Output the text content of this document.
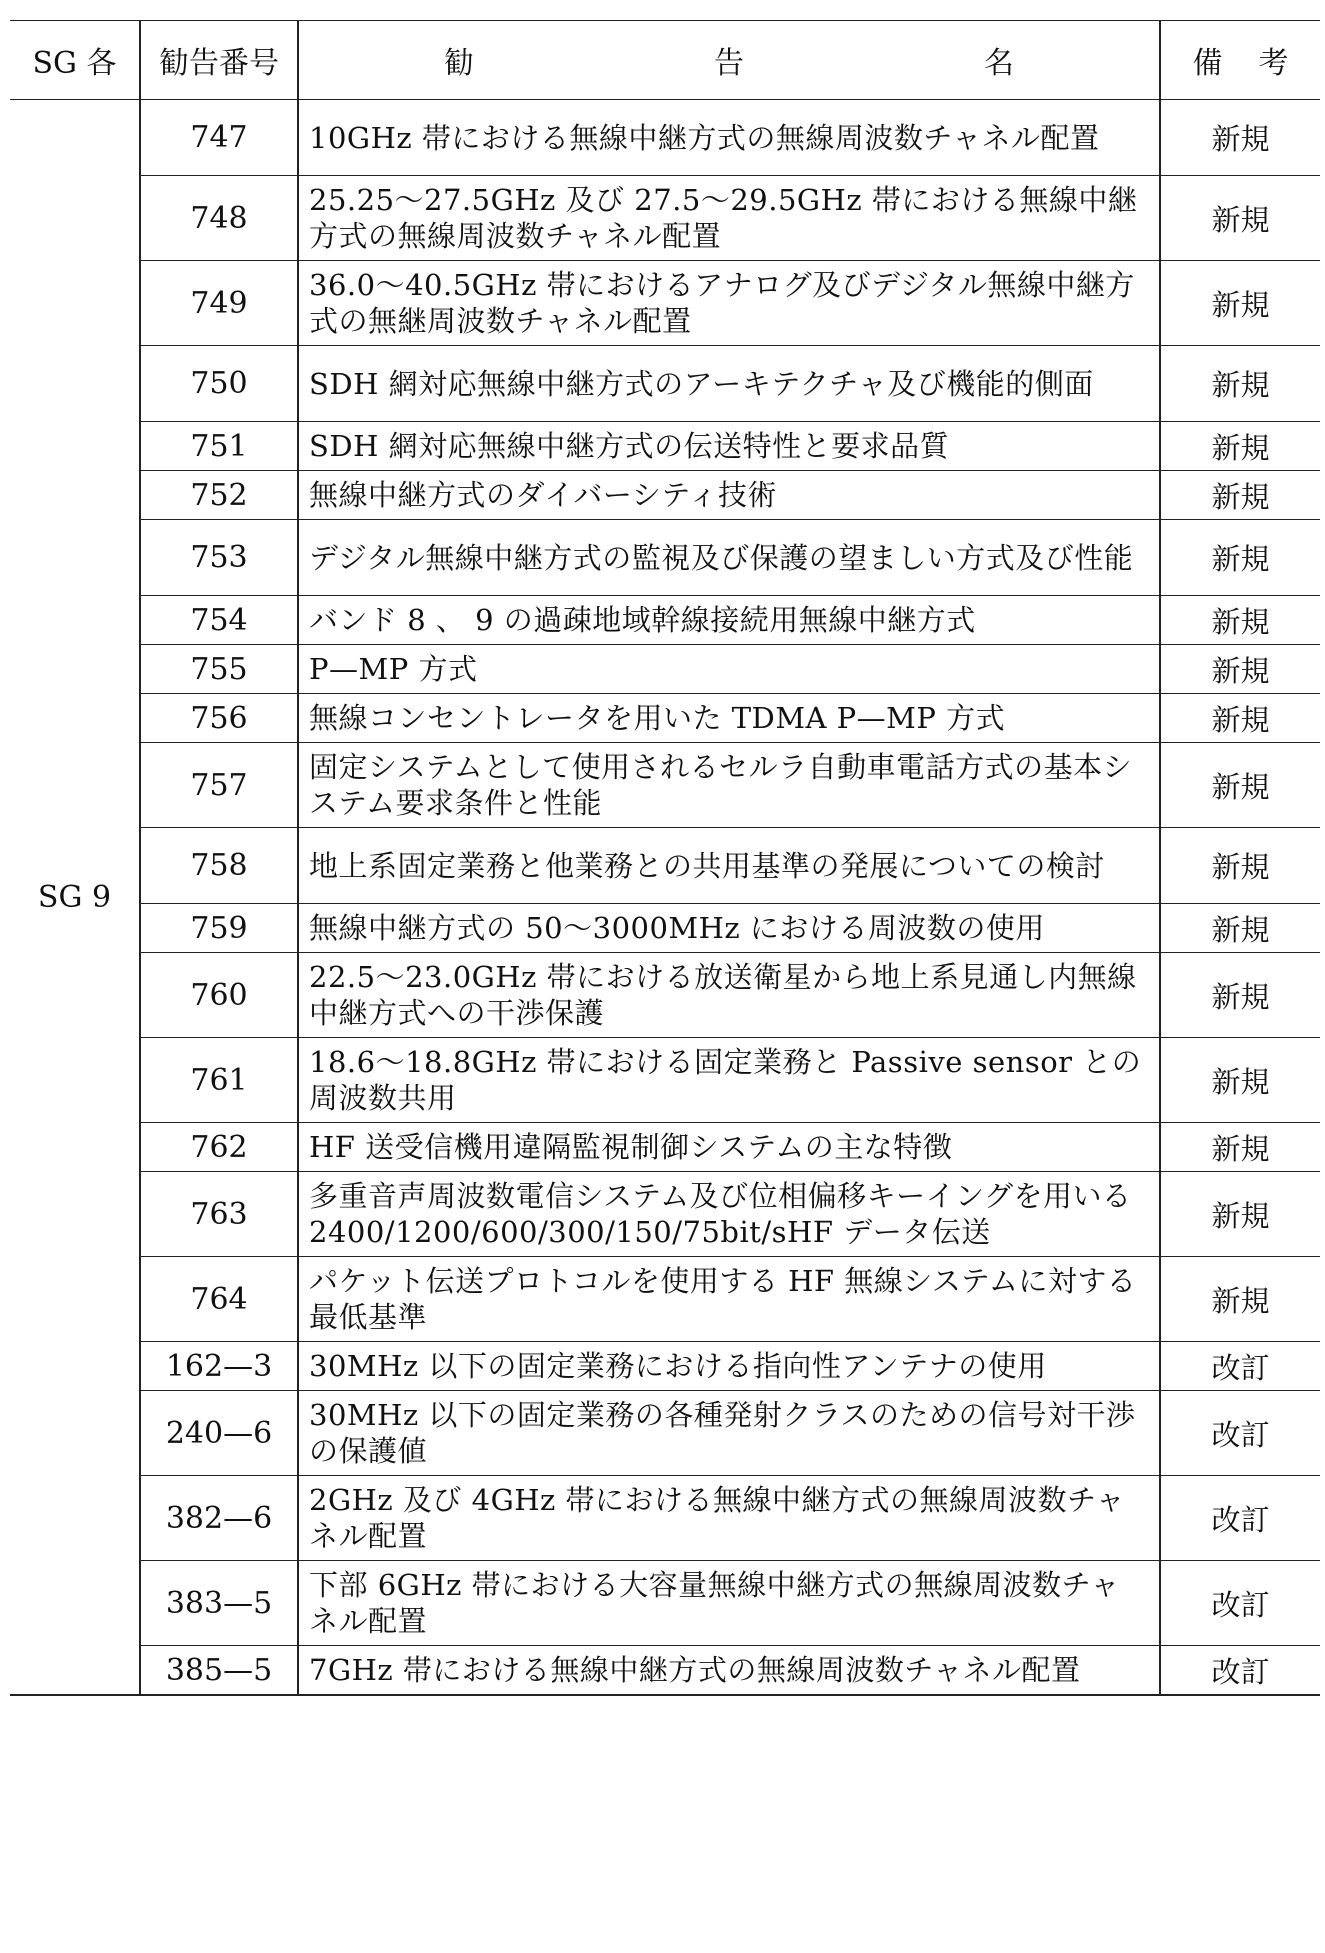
SG 各	勧告番号	勧 告 名	備 考
SG 9	747	10GHz 帯における無線中継方式の無線周波数チャネル配置	新規
	748	25.25～27.5GHz 及び 27.5～29.5GHz 帯における無線中継方式の無線周波数チャネル配置	新規
	749	36.0～40.5GHz 帯におけるアナログ及びデジタル無線中継方式の無継周波数チャネル配置	新規
	750	SDH 網対応無線中継方式のアーキテクチャ及び機能的側面	新規
	751	SDH 網対応無線中継方式の伝送特性と要求品質	新規
	752	無線中継方式のダイバーシティ技術	新規
	753	デジタル無線中継方式の監視及び保護の望ましい方式及び性能	新規
	754	バンド 8 、 9 の過疎地域幹線接続用無線中継方式	新規
	755	P—MP 方式	新規
	756	無線コンセントレータを用いた TDMA P—MP 方式	新規
	757	固定システムとして使用されるセルラ自動車電話方式の基本システム要求条件と性能	新規
	758	地上系固定業務と他業務との共用基準の発展についての検討	新規
	759	無線中継方式の 50～3000MHz における周波数の使用	新規
	760	22.5～23.0GHz 帯における放送衛星から地上系見通し内無線中継方式への干渉保護	新規
	761	18.6～18.8GHz 帯における固定業務と Passive sensor との周波数共用	新規
	762	HF 送受信機用違隔監視制御システムの主な特徴	新規
	763	多重音声周波数電信システム及び位相偏移キーイングを用いる 2400/1200/600/300/150/75bit/sHF データ伝送	新規
	764	パケット伝送プロトコルを使用する HF 無線システムに対する最低基準	新規
	162—3	30MHz 以下の固定業務における指向性アンテナの使用	改訂
	240—6	30MHz 以下の固定業務の各種発射クラスのための信号対干渉の保護値	改訂
	382—6	2GHz 及び 4GHz 帯における無線中継方式の無線周波数チャネル配置	改訂
	383—5	下部 6GHz 帯における大容量無線中継方式の無線周波数チャネル配置	改訂
	385—5	7GHz 帯における無線中継方式の無線周波数チャネル配置	改訂
